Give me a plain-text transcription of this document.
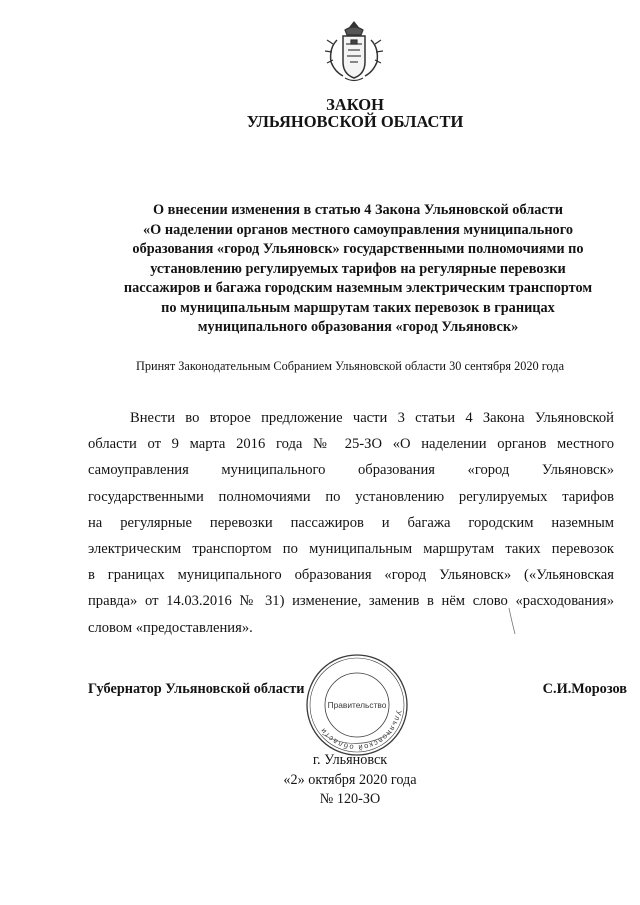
ЗАКОН
УЛЬЯНОВСКОЙ ОБЛАСТИ
О внесении изменения в статью 4 Закона Ульяновской области
«О наделении органов местного самоуправления муниципального
образования «город Ульяновск» государственными полномочиями по
установлению регулируемых тарифов на регулярные перевозки
пассажиров и багажа городским наземным электрическим транспортом
по муниципальным маршрутам таких перевозок в границах
муниципального образования «город Ульяновск»
Принят Законодательным Собранием Ульяновской области 30 сентября 2020 года
Внести во второе предложение части 3 статьи 4 Закона Ульяновской
области от 9 марта 2016 года № 25-ЗО «О наделении органов местного
самоуправления муниципального образования «город Ульяновск»
государственными полномочиями по установлению регулируемых тарифов
на регулярные перевозки пассажиров и багажа городским наземным
электрическим транспортом по муниципальным маршрутам таких перевозок
в границах муниципального образования «город Ульяновск» («Ульяновская
правда» от 14.03.2016 № 31) изменение, заменив в нём слово «расходования»
словом «предоставления».
Губернатор Ульяновской области	С.И.Морозов
Ульяновской области
Правительство
г. Ульяновск
«2» октября 2020 года
№ 120-ЗО
